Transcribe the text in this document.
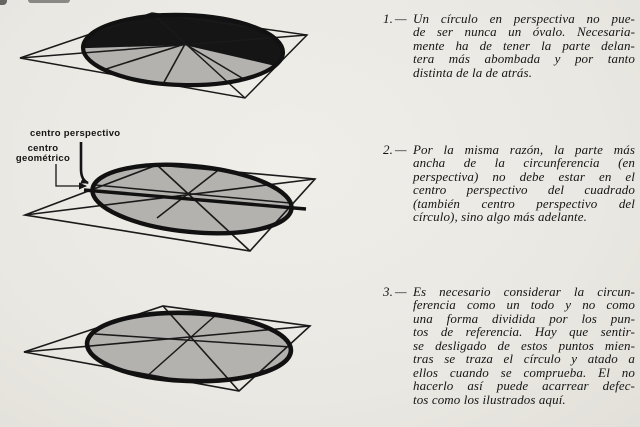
centro perspectivo
centro
geométrico
1. — Un círculo en perspectiva no pue-
de ser nunca un óvalo. Necesaria-
mente ha de tener la parte delan-
tera más abombada y por tanto
distinta de la de atrás.
2. — Por la misma razón, la parte más
ancha de la circunferencia (en
perspectiva) no debe estar en el
centro perspectivo del cuadrado
(también centro perspectivo del
círculo), sino algo más adelante.
3. — Es necesario considerar la circun-
ferencia como un todo y no como
una forma dividida por los pun-
tos de referencia. Hay que sentir-
se desligado de estos puntos mien-
tras se traza el círculo y atado a
ellos cuando se comprueba. El no
hacerlo así puede acarrear defec-
tos como los ilustrados aquí.
